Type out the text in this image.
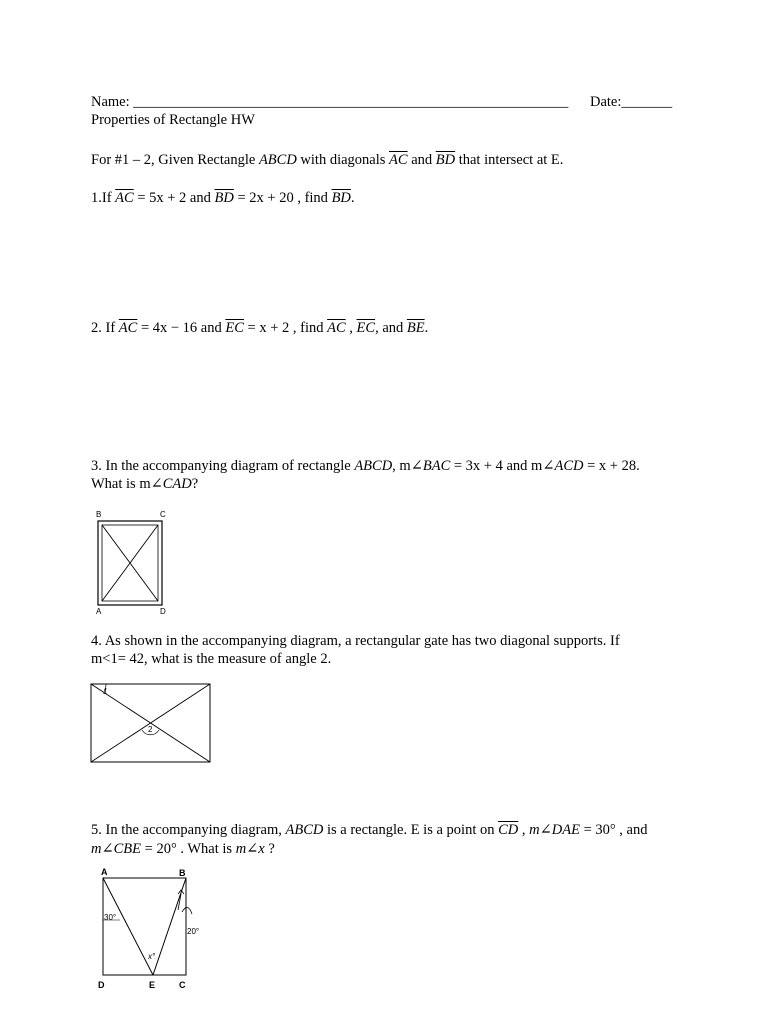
Name: ____________________________________________________________ Date:_______
Properties of Rectangle HW
For #1 – 2, Given Rectangle ABCD with diagonals $\overline{AC}$ and $\overline{BD}$ that intersect at E.
1.If $\overline{AC} = 5x + 2$ and $\overline{BD} = 2x + 20$ , find $\overline{BD}$.
2. If $\overline{AC} = 4x - 16$ and $\overline{EC} = x + 2$ , find $\overline{AC}$ , $\overline{EC}$, and $\overline{BE}$.
3. In the accompanying diagram of rectangle ABCD, m∠BAC = 3x + 4 and m∠ACD = x + 28.
What is m∠CAD?
B	C
A	D
4. As shown in the accompanying diagram, a rectangular gate has two diagonal supports. If
m<1= 42, what is the measure of angle 2.
1
2
5. In the accompanying diagram, ABCD is a rectangle. E is a point on $\overline{CD}$ , m∠DAE = 30° , and
m∠CBE = 20° . What is m∠x ?
A	B
D	E	C
30°
20°
x°
